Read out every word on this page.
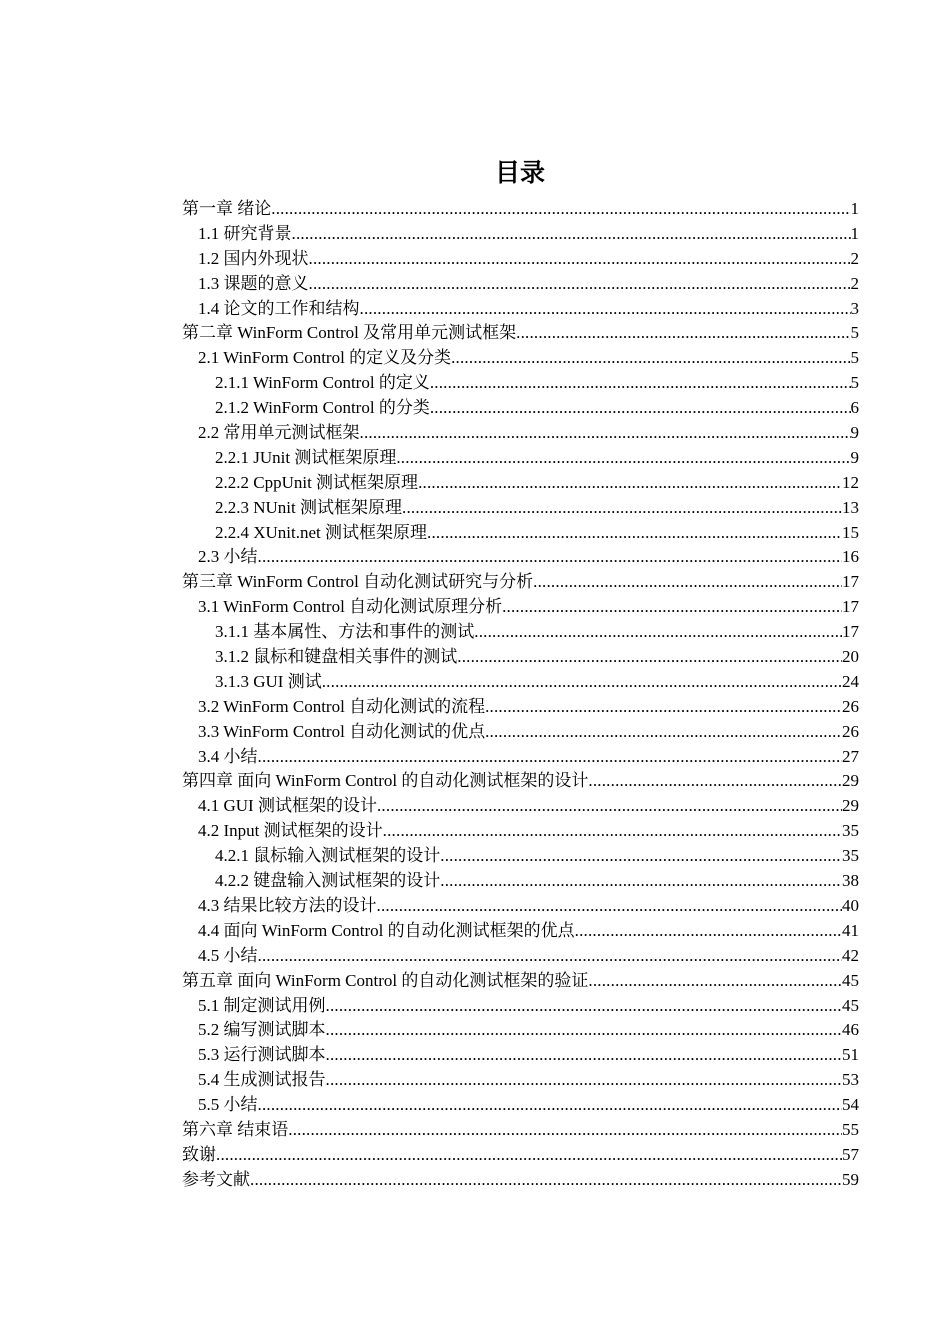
目录
第一章 绪论 .....	1
1.1 研究背景 .....	1
1.2 国内外现状 .....	2
1.3 课题的意义 .....	2
1.4 论文的工作和结构 .....	3
第二章 WinForm Control 及常用单元测试框架 .....	5
2.1 WinForm Control 的定义及分类 .....	5
2.1.1 WinForm Control 的定义 .....	5
2.1.2 WinForm Control 的分类 .....	6
2.2 常用单元测试框架 .....	9
2.2.1 JUnit 测试框架原理 .....	9
2.2.2 CppUnit 测试框架原理 .....	12
2.2.3 NUnit 测试框架原理 .....	13
2.2.4 XUnit.net 测试框架原理 .....	15
2.3 小结 .....	16
第三章 WinForm Control 自动化测试研究与分析 .....	17
3.1 WinForm Control 自动化测试原理分析 .....	17
3.1.1 基本属性、方法和事件的测试 .....	17
3.1.2 鼠标和键盘相关事件的测试 .....	20
3.1.3 GUI 测试 .....	24
3.2 WinForm Control 自动化测试的流程 .....	26
3.3 WinForm Control 自动化测试的优点 .....	26
3.4 小结 .....	27
第四章 面向 WinForm Control 的自动化测试框架的设计 .....	29
4.1 GUI 测试框架的设计 .....	29
4.2 Input 测试框架的设计 .....	35
4.2.1 鼠标输入测试框架的设计 .....	35
4.2.2 键盘输入测试框架的设计 .....	38
4.3 结果比较方法的设计 .....	40
4.4 面向 WinForm Control 的自动化测试框架的优点 .....	41
4.5 小结 .....	42
第五章 面向 WinForm Control 的自动化测试框架的验证 .....	45
5.1 制定测试用例 .....	45
5.2 编写测试脚本 .....	46
5.3 运行测试脚本 .....	51
5.4 生成测试报告 .....	53
5.5 小结 .....	54
第六章 结束语 .....	55
致谢 .....	57
参考文献 .....	59
